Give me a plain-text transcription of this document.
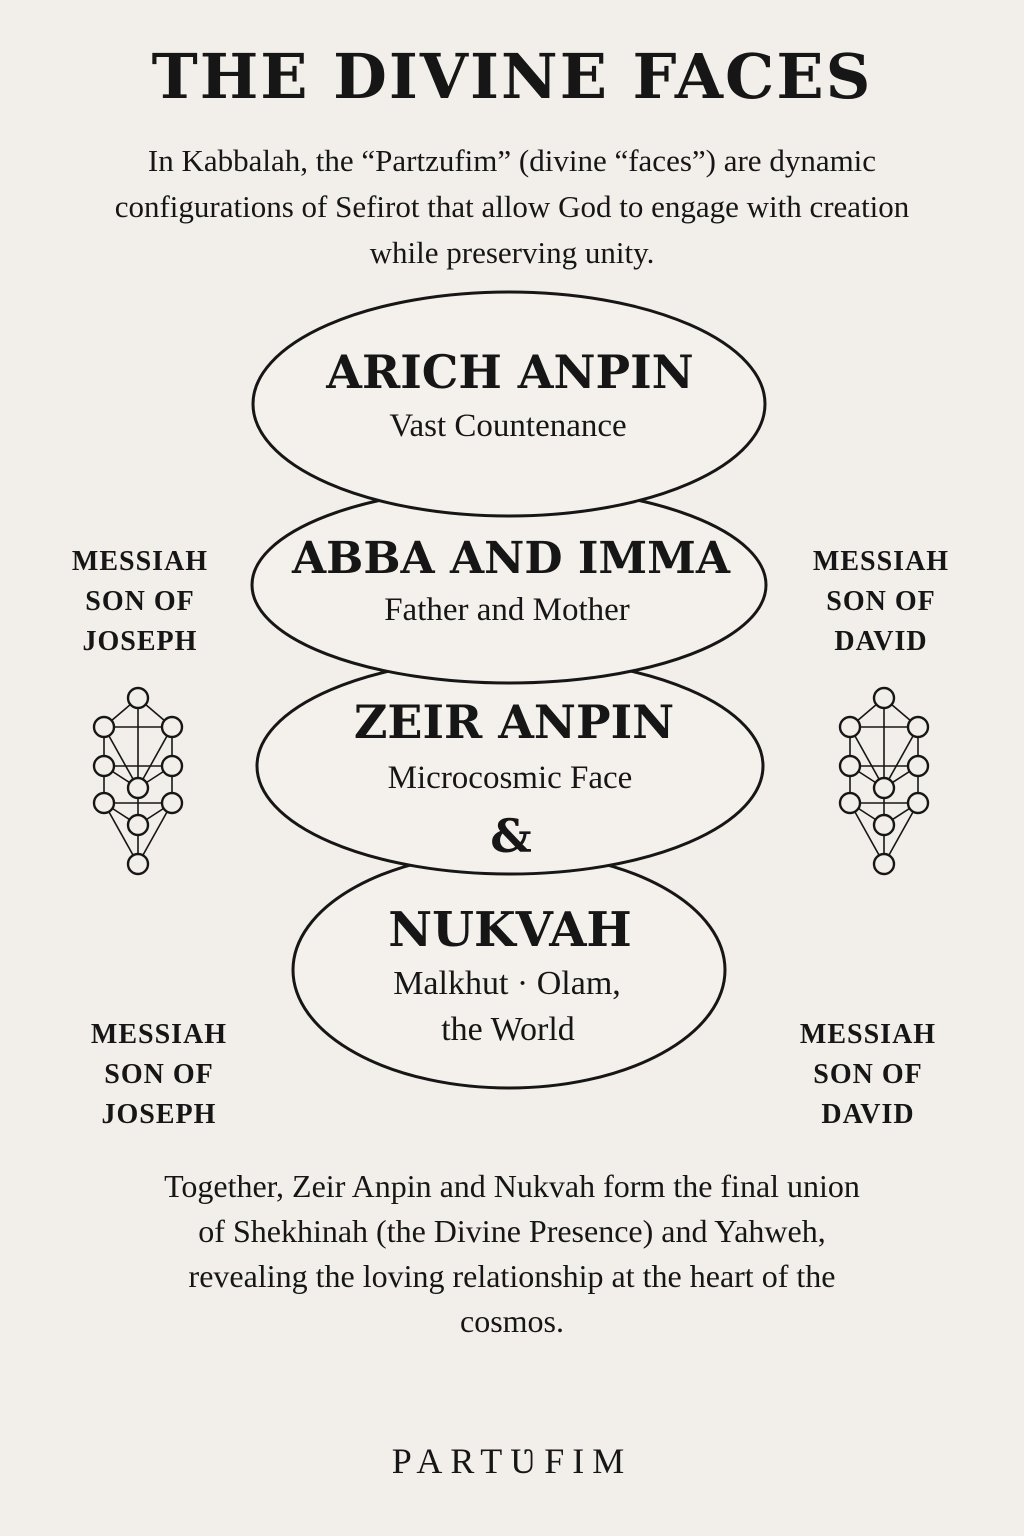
THE DIVINE FACES

In Kabbalah, the “Partzufim” (divine “faces”) are dynamic configurations of Sefirot that allow God to engage with creation while preserving unity.

ARICH ANPIN
Vast Countenance
ABBA AND IMMA
Father and Mother
ZEIR ANPIN
Microcosmic Face
&
NUKVAH
Malkhut · Olam,
the World

MESSIAH
SON OF
JOSEPH

MESSIAH
SON OF
DAVID

MESSIAH
SON OF
JOSEPH

MESSIAH
SON OF
DAVID

Together, Zeir Anpin and Nukvah form the final union of Shekhinah (the Divine Presence) and Yahweh, revealing the loving relationship at the heart of the cosmos.

PARTƲFIM
